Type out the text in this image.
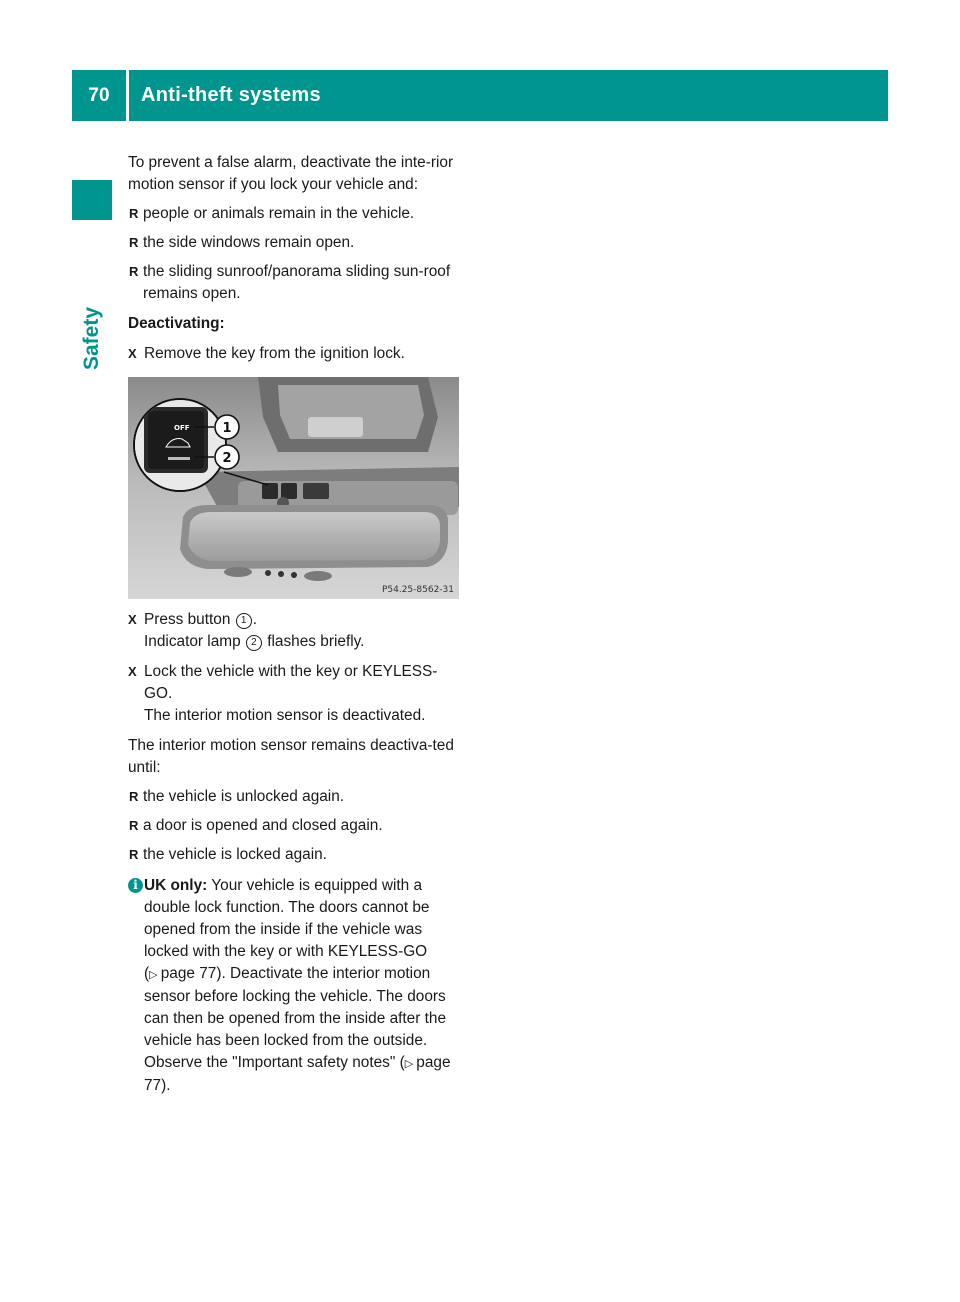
70	Anti-theft systems
Safety

To prevent a false alarm, deactivate the inte-rior motion sensor if you lock your vehicle and:

R people or animals remain in the vehicle.
R the side windows remain open.
R the sliding sunroof/panorama sliding sun-roof remains open.

Deactivating:

X Remove the key from the ignition lock.
OFF	1
2
P54.25-8562-31
X Press button 1 .
Indicator lamp 2 flashes briefly.
X Lock the vehicle with the key or KEYLESS-GO.
The interior motion sensor is deactivated.

The interior motion sensor remains deactiva-ted until:

R the vehicle is unlocked again.
R a door is opened and closed again.
R the vehicle is locked again.
i UK only: Your vehicle is equipped with a double lock function. The doors cannot be opened from the inside if the vehicle was locked with the key or with KEYLESS-GO (▷  page 77). Deactivate the interior motion sensor before locking the vehicle. The doors can then be opened from the inside after the vehicle has been locked from the outside. Observe the "Important safety notes" (▷  page 77).
